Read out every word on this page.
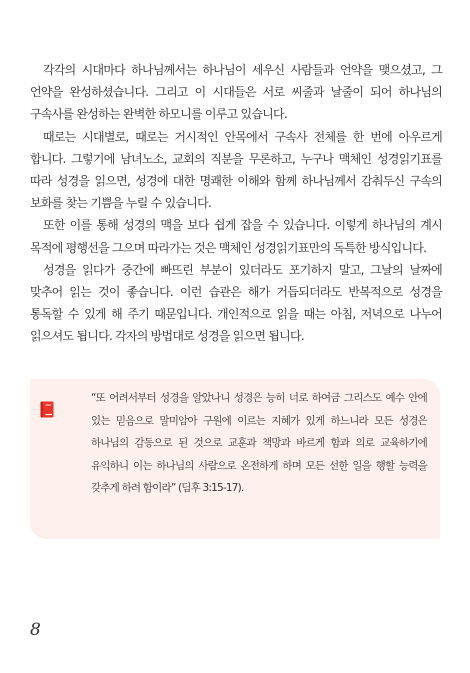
각각의 시대마다 하나님께서는 하나님이 세우신 사람들과 언약을 맺으셨고, 그 언약을 완성하셨습니다. 그리고 이 시대들은 서로 씨줄과 날줄이 되어 하나님의 구속사를 완성하는 완벽한 하모니를 이루고 있습니다.

때로는 시대별로, 때로는 거시적인 안목에서 구속사 전체를 한 번에 아우르게 합니다. 그렇기에 남녀노소, 교회의 직분을 무론하고, 누구나 맥체인 성경읽기표를 따라 성경을 읽으면, 성경에 대한 명쾌한 이해와 함께 하나님께서 감춰두신 구속의 보화를 찾는 기쁨을 누릴 수 있습니다.

또한 이를 통해 성경의 맥을 보다 쉽게 잡을 수 있습니다. 이렇게 하나님의 계시 목적에 평행선을 그으며 따라가는 것은 맥체인 성경읽기표만의 독특한 방식입니다.

성경을 읽다가 중간에 빠뜨린 부분이 있더라도 포기하지 말고, 그날의 날짜에 맞추어 읽는 것이 좋습니다. 이런 습관은 해가 거듭되더라도 반복적으로 성경을 통독할 수 있게 해 주기 때문입니다. 개인적으로 읽을 때는 아침, 저녁으로 나누어 읽으셔도 됩니다. 각자의 방법대로 성경을 읽으면 됩니다.

“또 어려서부터 성경을 알았나니 성경은 능히 너로 하여금 그리스도 예수 안에 있는 믿음으로 말미암아 구원에 이르는 지혜가 있게 하느니라 모든 성경은 하나님의 감동으로 된 것으로 교훈과 책망과 바르게 함과 의로 교육하기에 유익하니 이는 하나님의 사람으로 온전하게 하며 모든 선한 일을 행할 능력을 갖추게 하려 함이라” (딤후 3:15-17).

8
